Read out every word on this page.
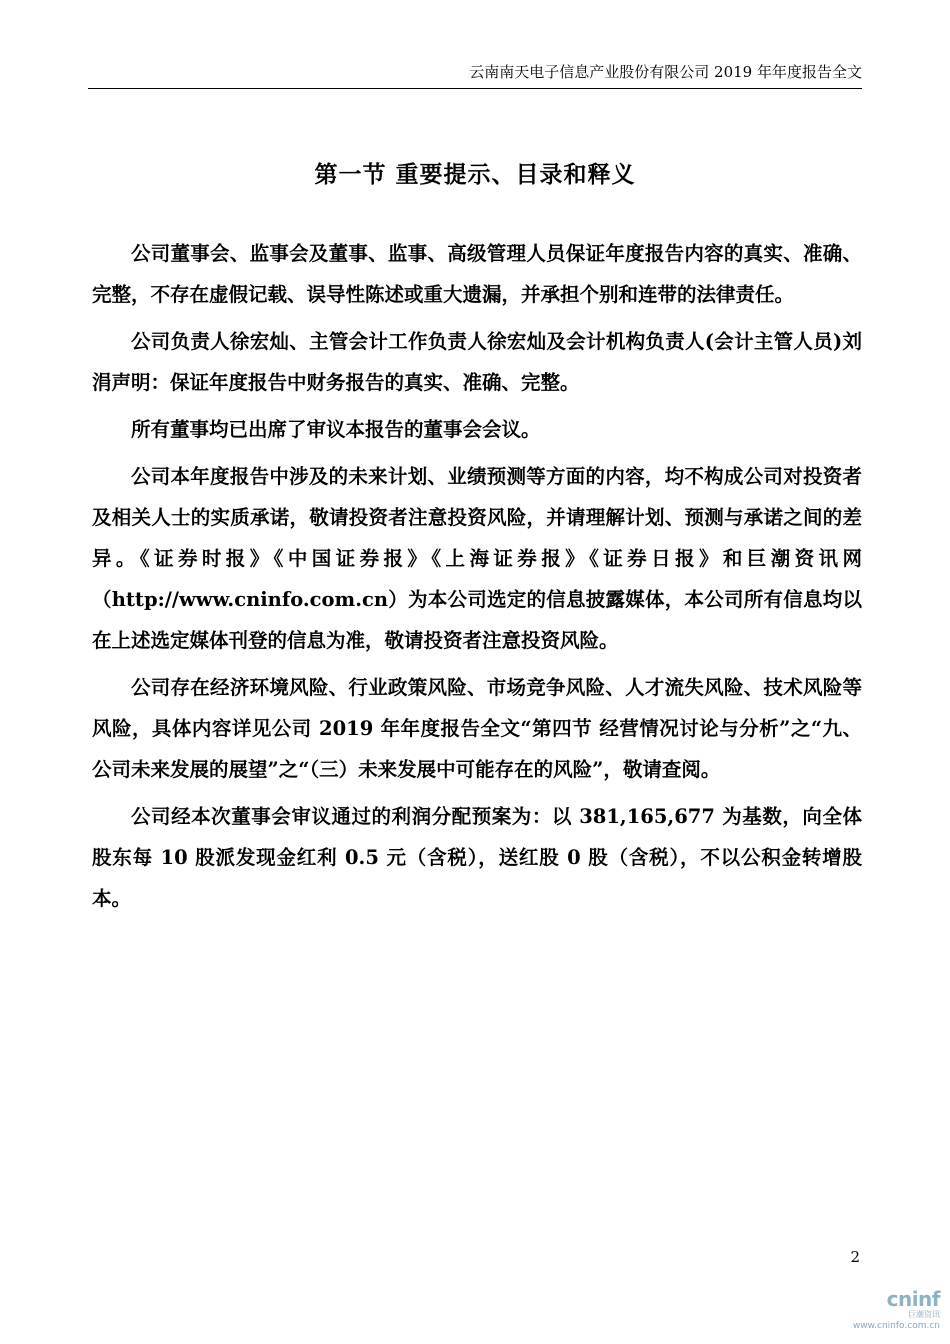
云南南天电子信息产业股份有限公司 2019 年年度报告全文
第一节 重要提示、目录和释义

公司董事会、监事会及董事、监事、高级管理人员保证年度报告内容的真实、准确、完整，不存在虚假记载、误导性陈述或重大遗漏，并承担个别和连带的法律责任。

公司负责人徐宏灿、主管会计工作负责人徐宏灿及会计机构负责人(会计主管人员)刘涓声明：保证年度报告中财务报告的真实、准确、完整。

所有董事均已出席了审议本报告的董事会会议。

公司本年度报告中涉及的未来计划、业绩预测等方面的内容，均不构成公司对投资者及相关人士的实质承诺，敬请投资者注意投资风险，并请理解计划、预测与承诺之间的差异。《证券时报》《中国证券报》《上海证券报》《证券日报》和巨潮资讯网（http://www.cninfo.com.cn）为本公司选定的信息披露媒体，本公司所有信息均以在上述选定媒体刊登的信息为准，敬请投资者注意投资风险。

公司存在经济环境风险、行业政策风险、市场竞争风险、人才流失风险、技术风险等风险，具体内容详见公司 2019 年年度报告全文“第四节 经营情况讨论与分析”之“九、公司未来发展的展望”之“（三）未来发展中可能存在的风险”，敬请查阅。

公司经本次董事会审议通过的利润分配预案为：以 381,165,677 为基数，向全体股东每 10 股派发现金红利 0.5 元（含税），送红股 0 股（含税），不以公积金转增股本。

2
cninf
巨潮资讯
www.cninfo.com.cn
